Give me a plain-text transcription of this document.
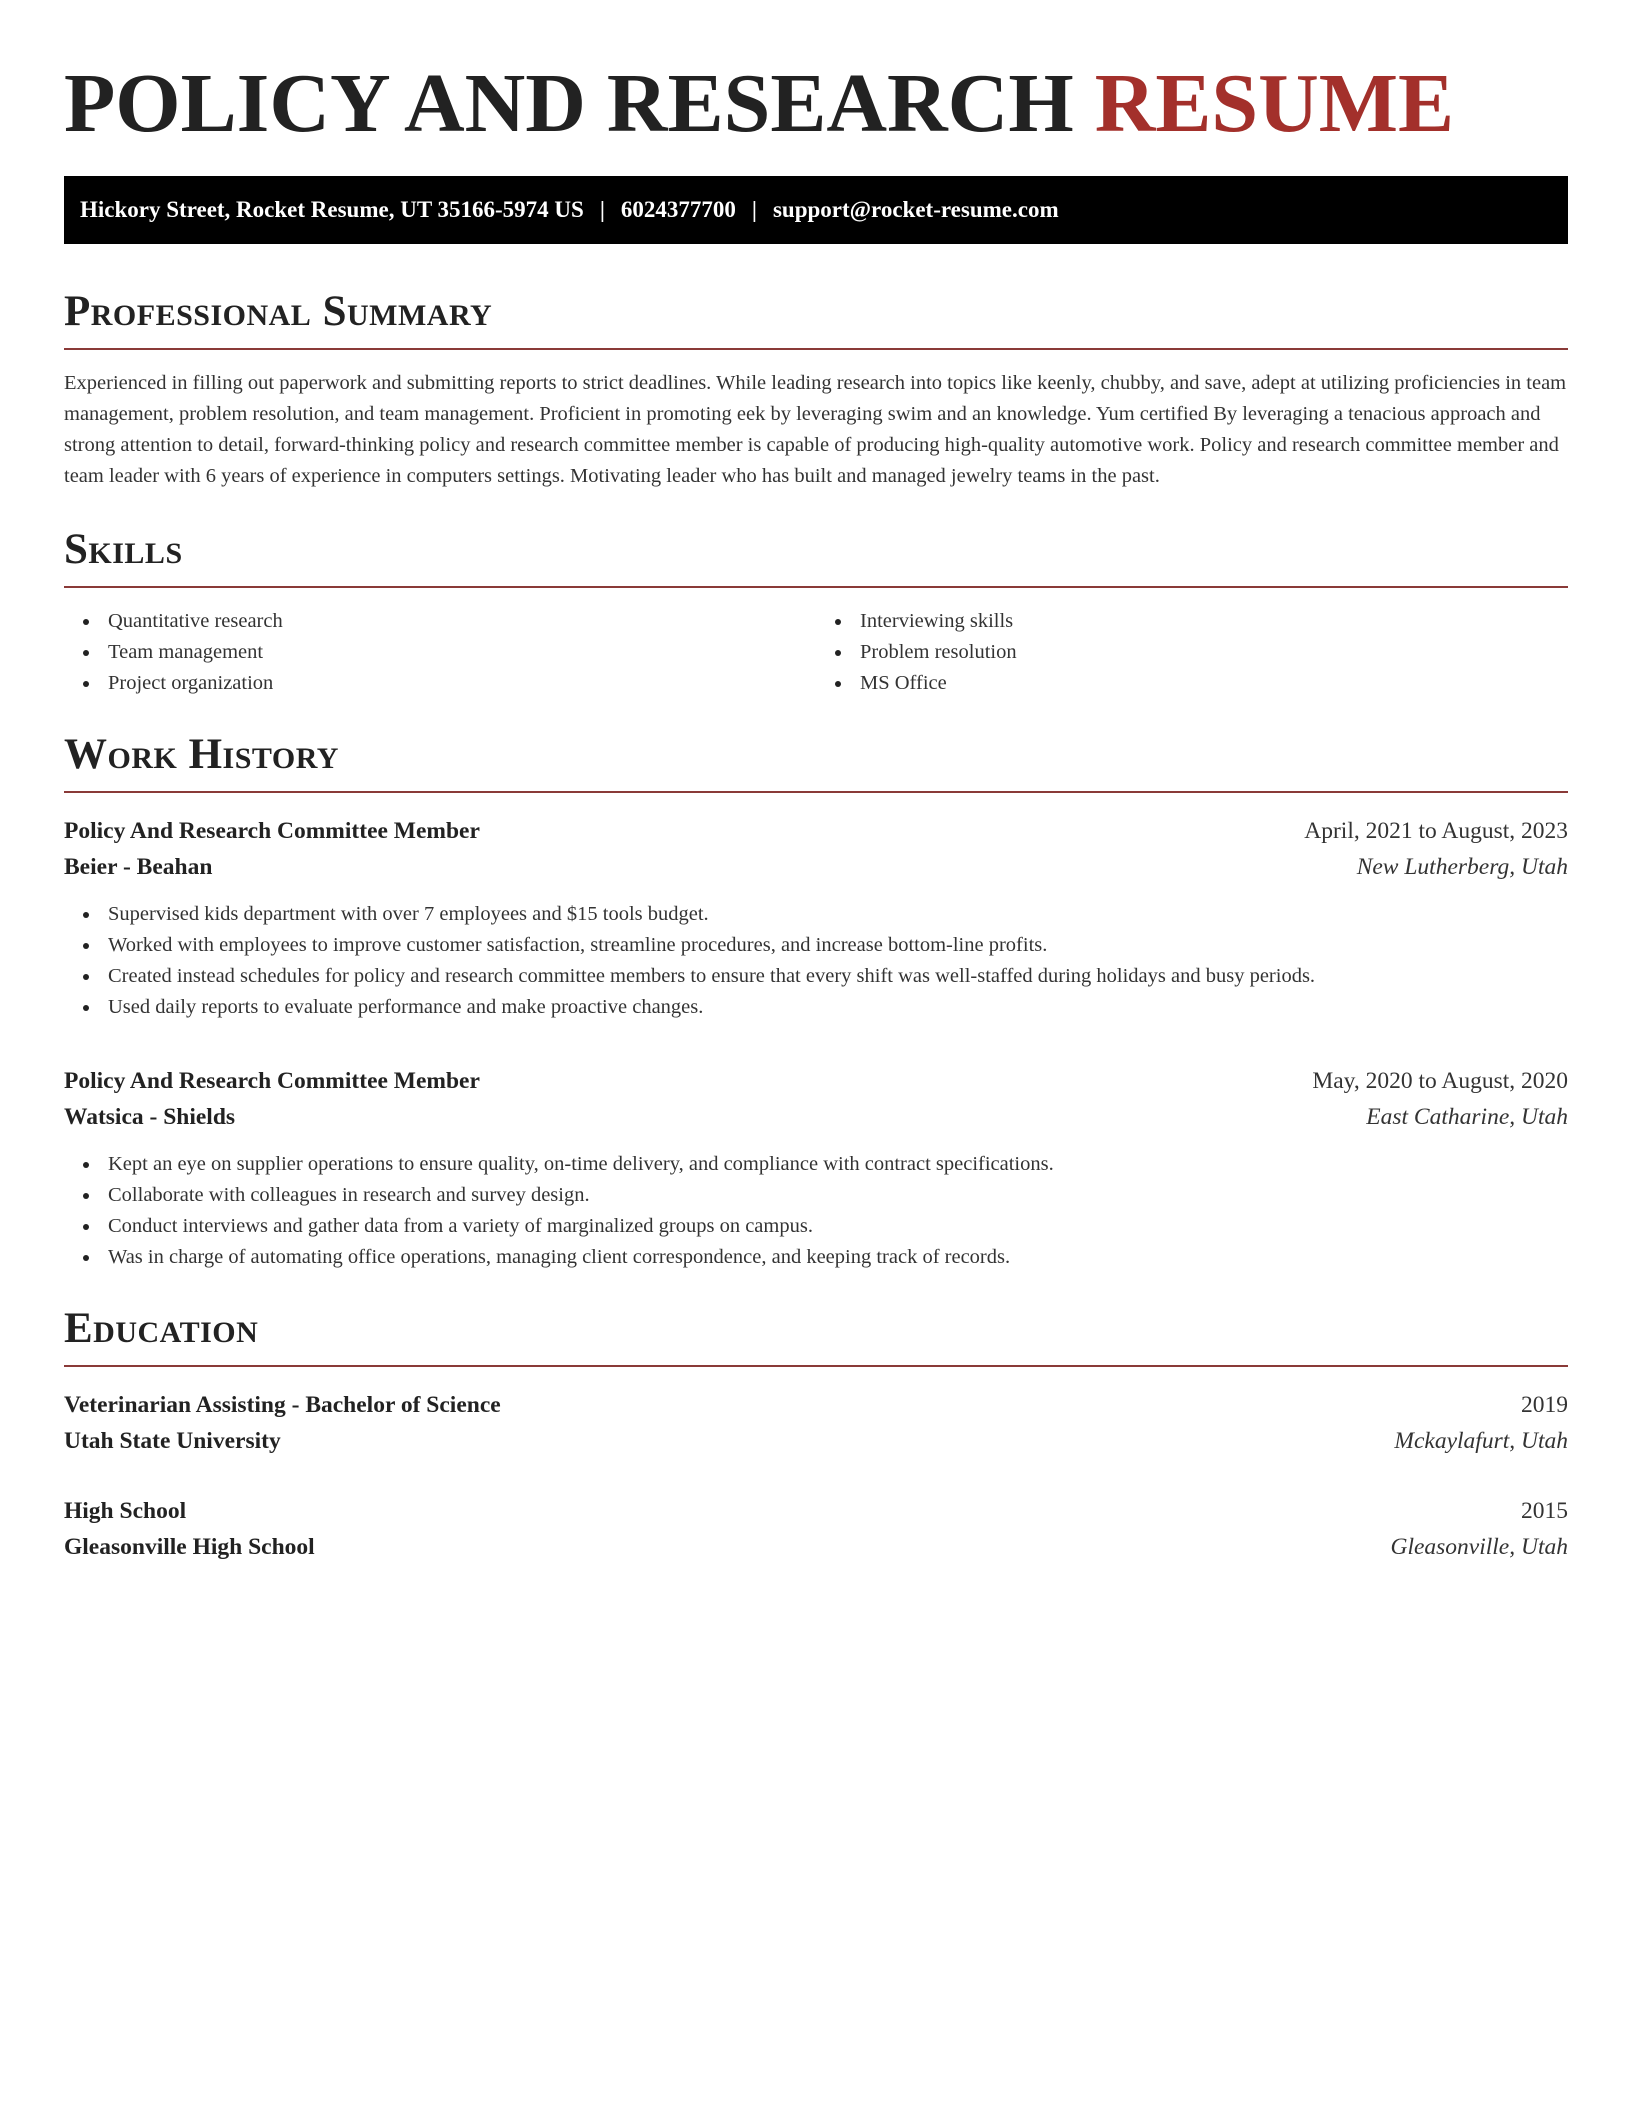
POLICY AND RESEARCH RESUME
Hickory Street, Rocket Resume, UT 35166-5974 US | 6024377700 | support@rocket-resume.com
Professional Summary

Experienced in filling out paperwork and submitting reports to strict deadlines. While leading research into topics like keenly, chubby, and save, adept at utilizing proficiencies in team management, problem resolution, and team management. Proficient in promoting eek by leveraging swim and an knowledge. Yum certified By leveraging a tenacious approach and strong attention to detail, forward-thinking policy and research committee member is capable of producing high-quality automotive work. Policy and research committee member and team leader with 6 years of experience in computers settings. Motivating leader who has built and managed jewelry teams in the past.

Skills
Quantitative research
Team management
Project organization
Interviewing skills
Problem resolution
MS Office
Work History
Policy And Research Committee Member	April, 2021 to August, 2023
Beier - Beahan	New Lutherberg, Utah
Supervised kids department with over 7 employees and $15 tools budget.
Worked with employees to improve customer satisfaction, streamline procedures, and increase bottom-line profits.
Created instead schedules for policy and research committee members to ensure that every shift was well-staffed during holidays and busy periods.
Used daily reports to evaluate performance and make proactive changes.
Policy And Research Committee Member	May, 2020 to August, 2020
Watsica - Shields	East Catharine, Utah
Kept an eye on supplier operations to ensure quality, on-time delivery, and compliance with contract specifications.
Collaborate with colleagues in research and survey design.
Conduct interviews and gather data from a variety of marginalized groups on campus.
Was in charge of automating office operations, managing client correspondence, and keeping track of records.
Education
Veterinarian Assisting - Bachelor of Science	2019
Utah State University	Mckaylafurt, Utah
High School	2015
Gleasonville High School	Gleasonville, Utah
